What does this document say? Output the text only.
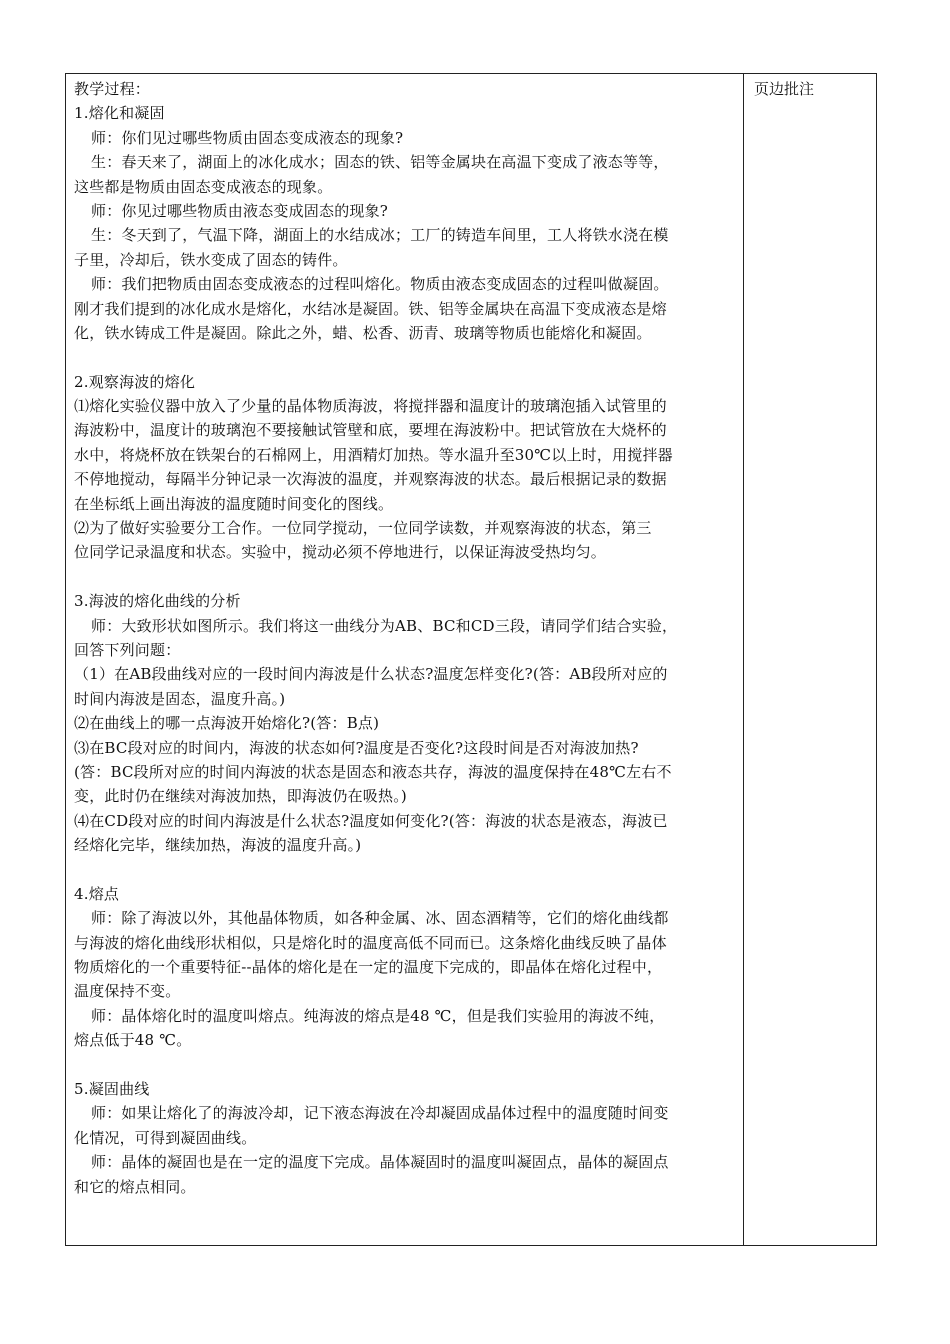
教学过程：
1.熔化和凝固
师：你们见过哪些物质由固态变成液态的现象?
生：春天来了，湖面上的冰化成水；固态的铁、铝等金属块在高温下变成了液态等等，
这些都是物质由固态变成液态的现象。
师：你见过哪些物质由液态变成固态的现象?
生：冬天到了，气温下降，湖面上的水结成冰；工厂的铸造车间里，工人将铁水浇在模
子里，冷却后，铁水变成了固态的铸件。
师：我们把物质由固态变成液态的过程叫熔化。物质由液态变成固态的过程叫做凝固。
刚才我们提到的冰化成水是熔化，水结冰是凝固。铁、铝等金属块在高温下变成液态是熔
化，铁水铸成工件是凝固。除此之外，蜡、松香、沥青、玻璃等物质也能熔化和凝固。
2.观察海波的熔化
⑴熔化实验仪器中放入了少量的晶体物质海波，将搅拌器和温度计的玻璃泡插入试管里的
海波粉中，温度计的玻璃泡不要接触试管壁和底，要埋在海波粉中。把试管放在大烧杯的
水中，将烧杯放在铁架台的石棉网上，用酒精灯加热。等水温升至30℃以上时，用搅拌器
不停地搅动，每隔半分钟记录一次海波的温度，并观察海波的状态。最后根据记录的数据
在坐标纸上画出海波的温度随时间变化的图线。
⑵为了做好实验要分工合作。一位同学搅动，一位同学读数，并观察海波的状态，第三
位同学记录温度和状态。实验中，搅动必须不停地进行，以保证海波受热均匀。
3.海波的熔化曲线的分析
师：大致形状如图所示。我们将这一曲线分为AB、BC和CD三段，请同学们结合实验，
回答下列问题：
（1）在AB段曲线对应的一段时间内海波是什么状态?温度怎样变化?(答：AB段所对应的
时间内海波是固态，温度升高。)
⑵在曲线上的哪一点海波开始熔化?(答：B点)
⑶在BC段对应的时间内，海波的状态如何?温度是否变化?这段时间是否对海波加热?
(答：BC段所对应的时间内海波的状态是固态和液态共存，海波的温度保持在48℃左右不
变，此时仍在继续对海波加热，即海波仍在吸热。)
⑷在CD段对应的时间内海波是什么状态?温度如何变化?(答：海波的状态是液态，海波已
经熔化完毕，继续加热，海波的温度升高。)
4.熔点
师：除了海波以外，其他晶体物质，如各种金属、冰、固态酒精等，它们的熔化曲线都
与海波的熔化曲线形状相似，只是熔化时的温度高低不同而已。这条熔化曲线反映了晶体
物质熔化的一个重要特征--晶体的熔化是在一定的温度下完成的，即晶体在熔化过程中，
温度保持不变。
师：晶体熔化时的温度叫熔点。纯海波的熔点是48 ℃，但是我们实验用的海波不纯，
熔点低于48 ℃。
5.凝固曲线
师：如果让熔化了的海波冷却，记下液态海波在冷却凝固成晶体过程中的温度随时间变
化情况，可得到凝固曲线。
师：晶体的凝固也是在一定的温度下完成。晶体凝固时的温度叫凝固点，晶体的凝固点
和它的熔点相同。
页边批注
